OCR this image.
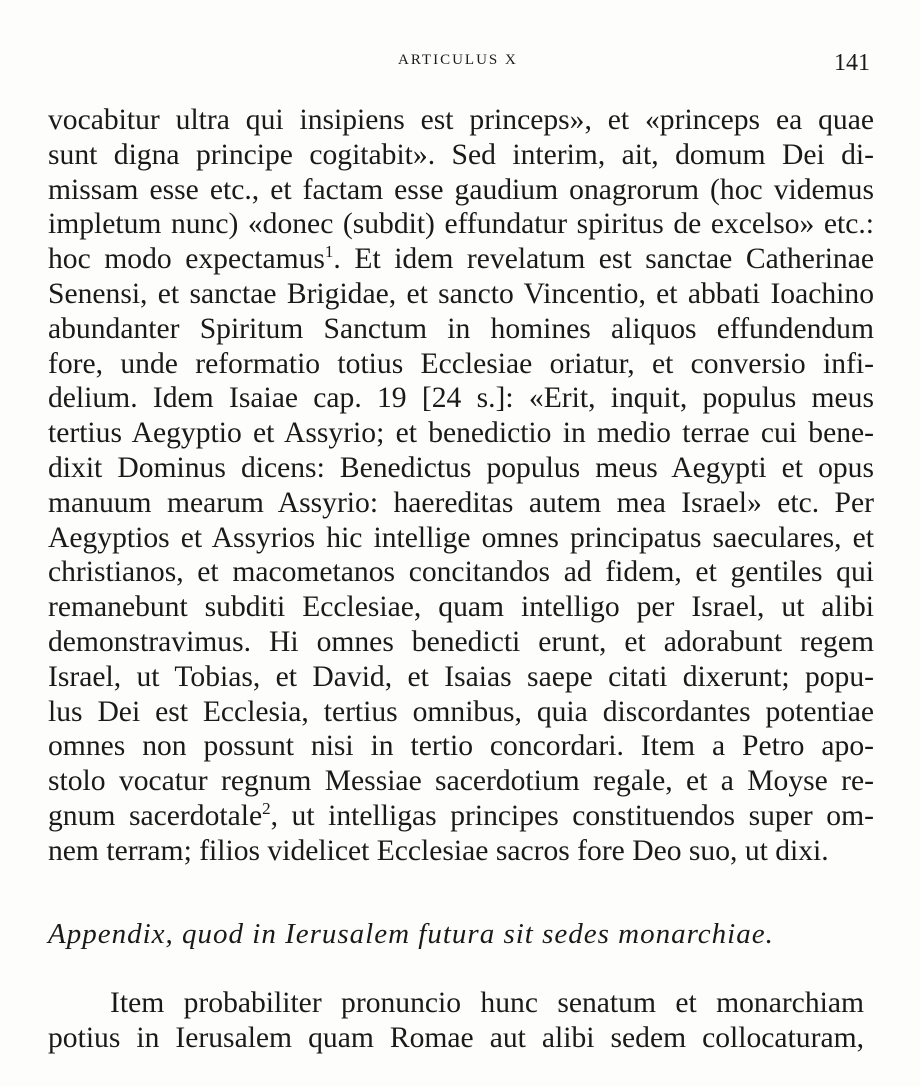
ARTICULUS X	141
vocabitur ultra qui insipiens est princeps», et «princeps ea quae
sunt digna principe cogitabit». Sed interim, ait, domum Dei di-
missam esse etc., et factam esse gaudium onagrorum (hoc videmus
impletum nunc) «donec (subdit) effundatur spiritus de excelso» etc.:
hoc modo expectamus$^1$. Et idem revelatum est sanctae Catherinae
Senensi, et sanctae Brigidae, et sancto Vincentio, et abbati Ioachino
abundanter Spiritum Sanctum in homines aliquos effundendum
fore, unde reformatio totius Ecclesiae oriatur, et conversio infi-
delium. Idem Isaiae cap. 19 [24 s.]: «Erit, inquit, populus meus
tertius Aegyptio et Assyrio; et benedictio in medio terrae cui bene-
dixit Dominus dicens: Benedictus populus meus Aegypti et opus
manuum mearum Assyrio: haereditas autem mea Israel» etc. Per
Aegyptios et Assyrios hic intellige omnes principatus saeculares, et
christianos, et macometanos concitandos ad fidem, et gentiles qui
remanebunt subditi Ecclesiae, quam intelligo per Israel, ut alibi
demonstravimus. Hi omnes benedicti erunt, et adorabunt regem
Israel, ut Tobias, et David, et Isaias saepe citati dixerunt; popu-
lus Dei est Ecclesia, tertius omnibus, quia discordantes potentiae
omnes non possunt nisi in tertio concordari. Item a Petro apo-
stolo vocatur regnum Messiae sacerdotium regale, et a Moyse re-
gnum sacerdotale$^2$, ut intelligas principes constituendos super om-
nem terram; filios videlicet Ecclesiae sacros fore Deo suo, ut dixi.
Appendix, quod in Ierusalem futura sit sedes monarchiae.
Item probabiliter pronuncio hunc senatum et monarchiam
potius in Ierusalem quam Romae aut alibi sedem collocaturam,
